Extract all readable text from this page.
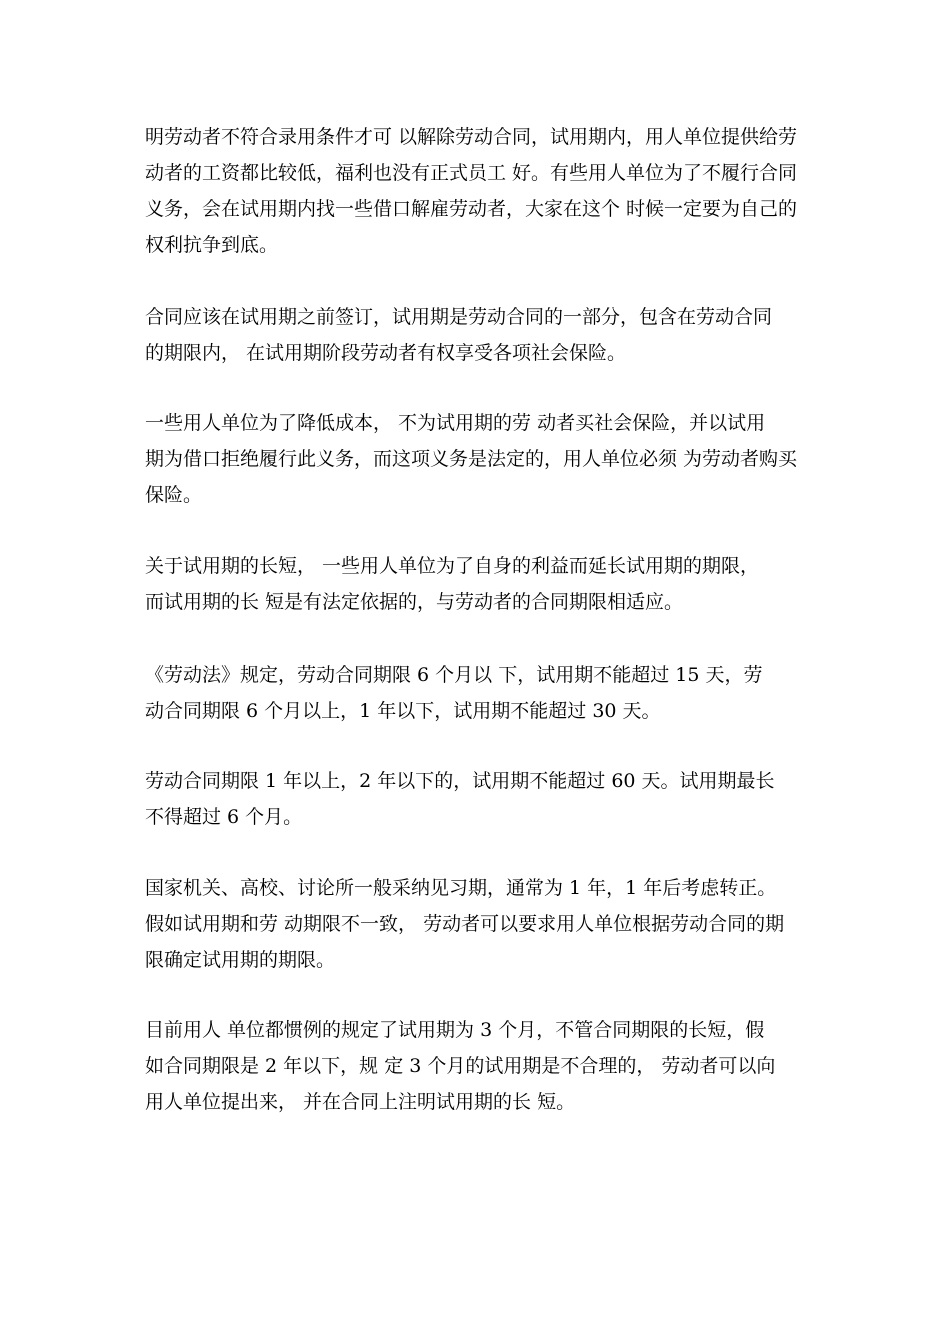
明劳动者不符合录用条件才可 以解除劳动合同，试用期内，用人单位提供给劳
动者的工资都比较低，福利也没有正式员工 好。有些用人单位为了不履行合同
义务，会在试用期内找一些借口解雇劳动者，大家在这个 时候一定要为自己的
权利抗争到底。

合同应该在试用期之前签订，试用期是劳动合同的一部分，包含在劳动合同
的期限内， 在试用期阶段劳动者有权享受各项社会保险。

一些用人单位为了降低成本， 不为试用期的劳 动者买社会保险，并以试用
期为借口拒绝履行此义务，而这项义务是法定的，用人单位必须 为劳动者购买
保险。

关于试用期的长短， 一些用人单位为了自身的利益而延长试用期的期限，
而试用期的长 短是有法定依据的，与劳动者的合同期限相适应。

《劳动法》规定，劳动合同期限 6 个月以 下，试用期不能超过 15 天，劳
动合同期限 6 个月以上，1 年以下，试用期不能超过 30 天。

劳动合同期限 1 年以上，2 年以下的，试用期不能超过 60 天。试用期最长
不得超过 6 个月。

国家机关、高校、讨论所一般采纳见习期，通常为 1 年，1 年后考虑转正。
假如试用期和劳 动期限不一致， 劳动者可以要求用人单位根据劳动合同的期
限确定试用期的期限。

目前用人 单位都惯例的规定了试用期为 3 个月，不管合同期限的长短，假
如合同期限是 2 年以下，规 定 3 个月的试用期是不合理的， 劳动者可以向
用人单位提出来， 并在合同上注明试用期的长 短。
